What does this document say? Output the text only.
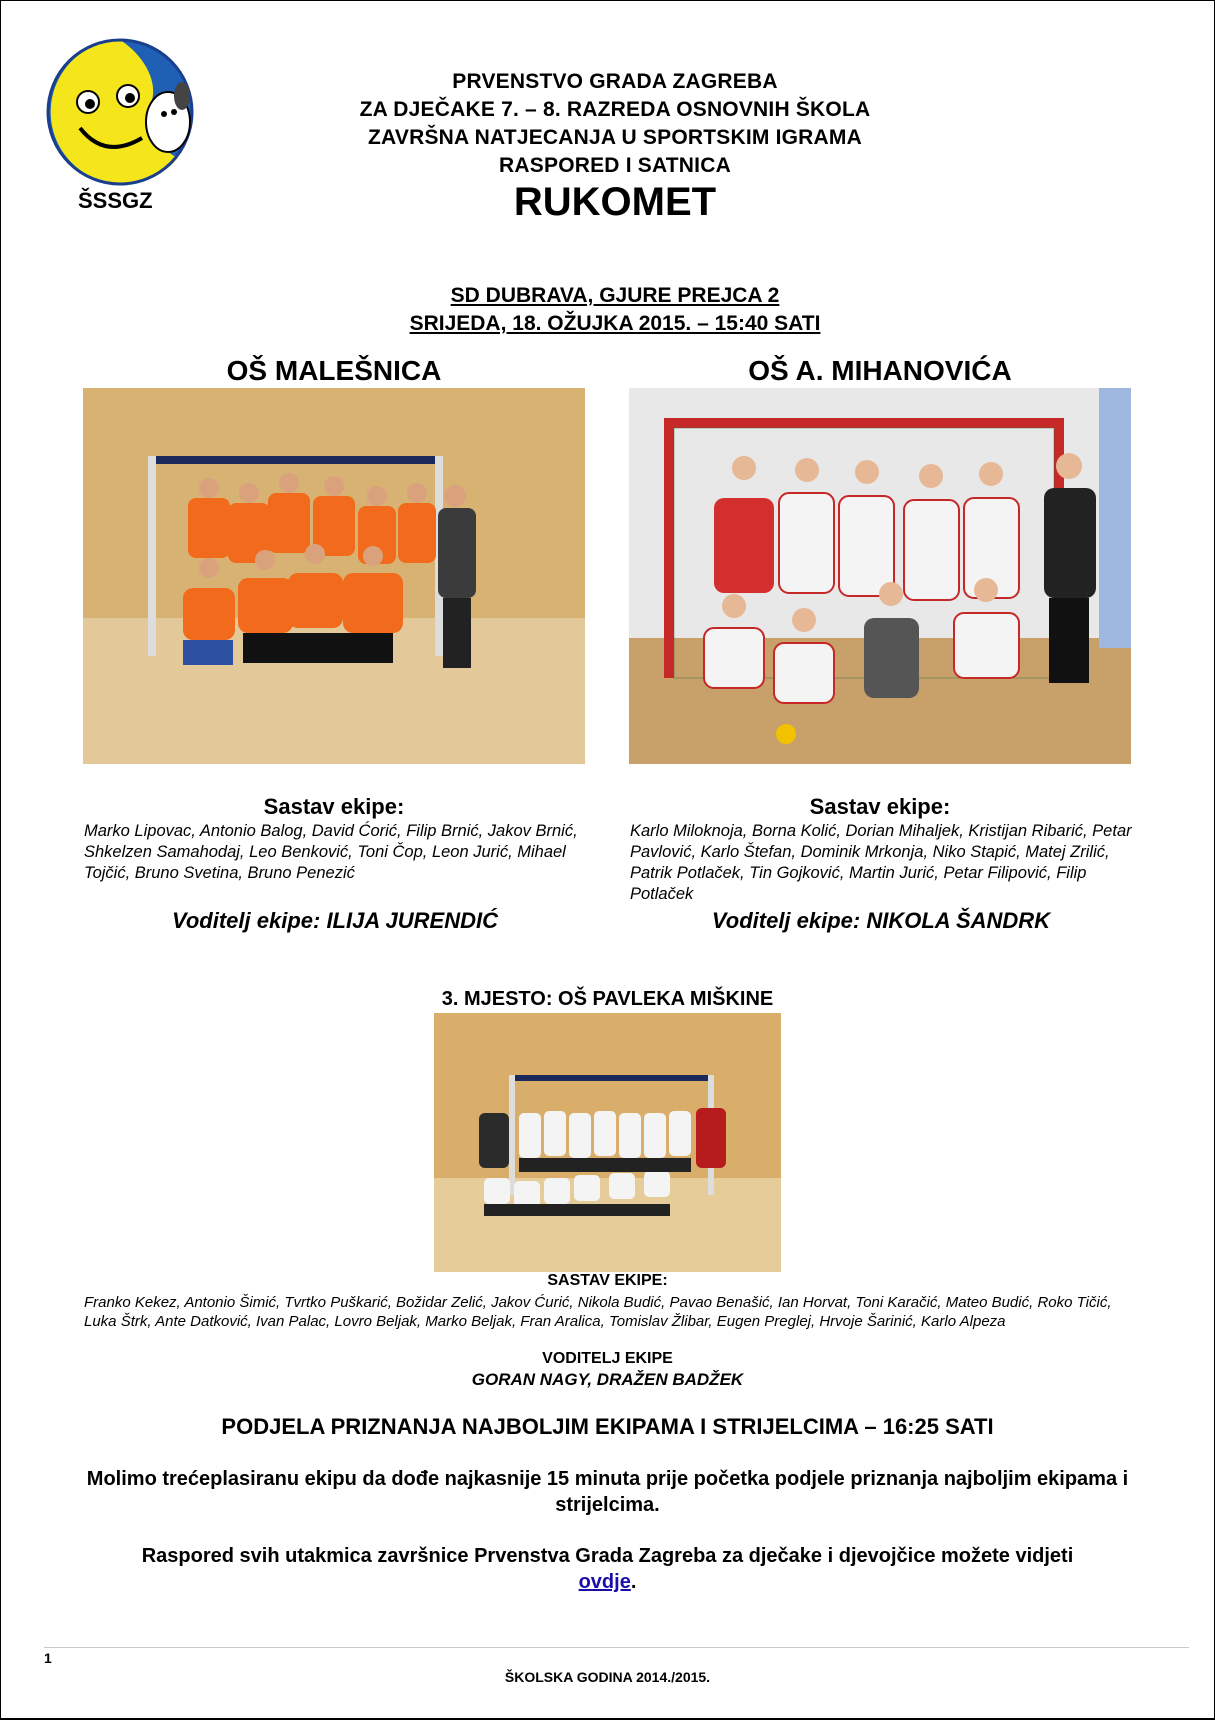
ŠSSGZ
PRVENSTVO GRADA ZAGREBA
ZA DJEČAKE 7. – 8. RAZREDA OSNOVNIH ŠKOLA
ZAVRŠNA NATJECANJA U SPORTSKIM IGRAMA
RASPORED I SATNICA
RUKOMET
SD DUBRAVA, GJURE PREJCA 2
SRIJEDA, 18. OŽUJKA 2015. – 15:40 SATI
OŠ MALEŠNICA	OŠ A. MIHANOVIĆA
Sastav ekipe:
Marko Lipovac, Antonio Balog, David Ćorić, Filip Brnić, Jakov Brnić, Shkelzen Samahodaj, Leo Benković, Toni Čop, Leon Jurić, Mihael Tojčić, Bruno Svetina, Bruno Penezić
Voditelj ekipe: ILIJA JURENDIĆ
Sastav ekipe:
Karlo Miloknoja, Borna Kolić, Dorian Mihaljek, Kristijan Ribarić, Petar Pavlović, Karlo Štefan, Dominik Mrkonja, Niko Stapić, Matej Zrilić, Patrik Potlaček, Tin Gojković, Martin Jurić, Petar Filipović, Filip Potlaček
Voditelj ekipe: NIKOLA ŠANDRK
3. MJESTO: OŠ PAVLEKA MIŠKINE
SASTAV EKIPE:
Franko Kekez, Antonio Šimić, Tvrtko Puškarić, Božidar Zelić, Jakov Ćurić, Nikola Budić, Pavao Benašić, Ian Horvat, Toni Karačić, Mateo Budić, Roko Tičić, Luka Štrk, Ante Datković, Ivan Palac, Lovro Beljak, Marko Beljak, Fran Aralica, Tomislav Žlibar, Eugen Preglej, Hrvoje Šarinić, Karlo Alpeza
VODITELJ EKIPE
GORAN NAGY, DRAŽEN BADŽEK
PODJELA PRIZNANJA NAJBOLJIM EKIPAMA I STRIJELCIMA – 16:25 SATI
Molimo trećeplasiranu ekipu da dođe najkasnije 15 minuta prije početka podjele priznanja najboljim ekipama i strijelcima.
Raspored svih utakmica završnice Prvenstva Grada Zagreba za dječake i djevojčice možete vidjeti
ovdje.
1
ŠKOLSKA GODINA 2014./2015.
